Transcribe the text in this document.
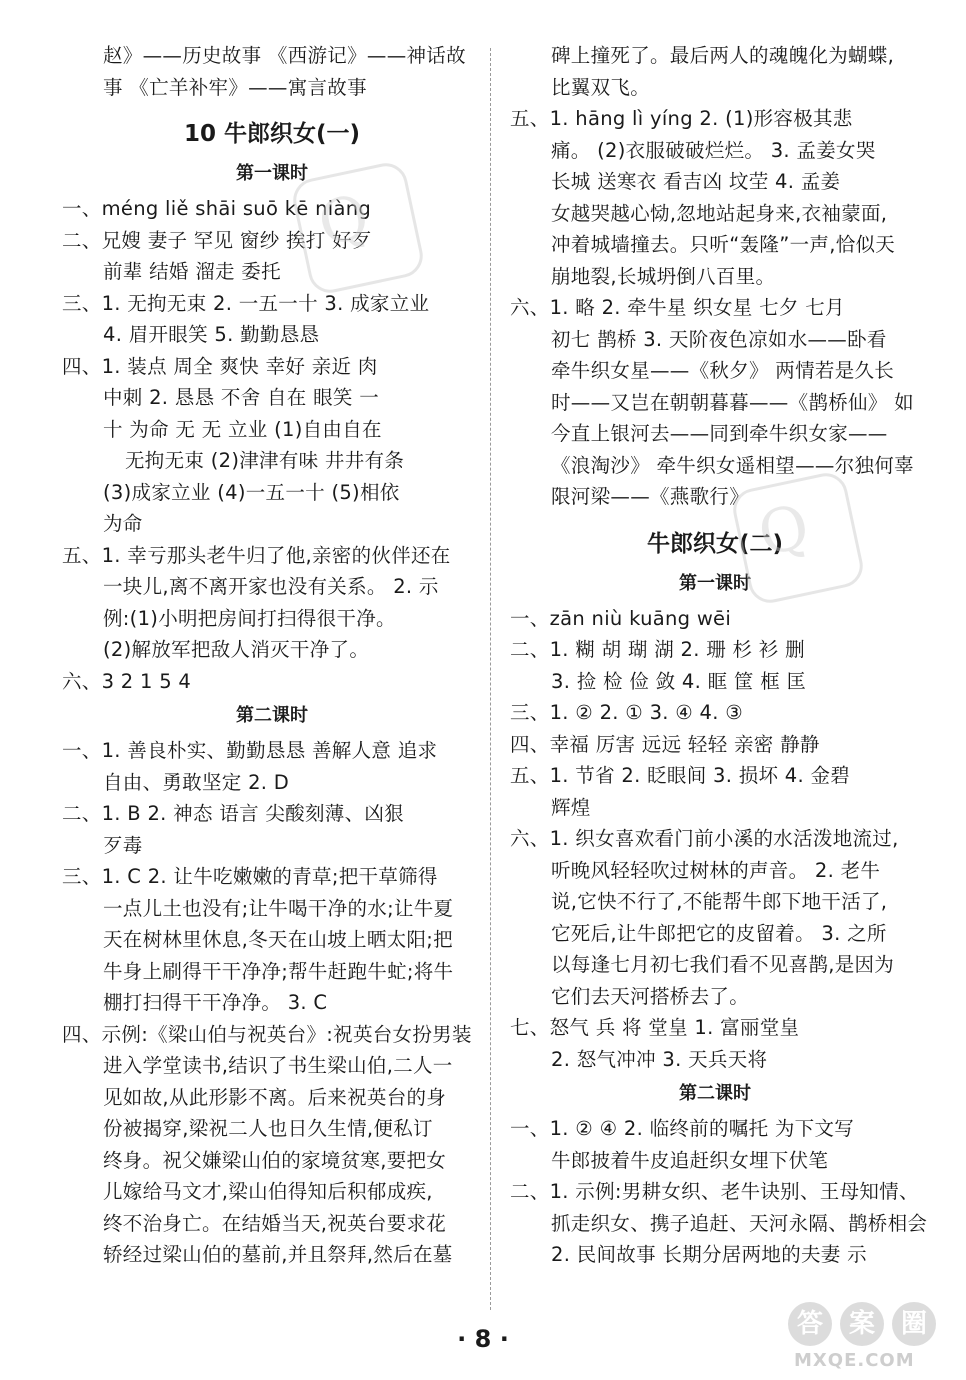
赵》——历史故事 《西游记》——神话故
事 《亡羊补牢》——寓言故事
10 牛郎织女(一)
第一课时
一、méng liě shāi suō kē niàng
二、兄嫂 妻子 罕见 窗纱 挨打 好歹
前辈 结婚 溜走 委托
三、1. 无拘无束 2. 一五一十 3. 成家立业
4. 眉开眼笑 5. 勤勤恳恳
四、1. 装点 周全 爽快 幸好 亲近 肉
中刺 2. 恳恳 不舍 自在 眼笑 一
十 为命 无 无 立业 (1)自由自在
无拘无束 (2)津津有味 井井有条
(3)成家立业 (4)一五一十 (5)相依
为命
五、1. 幸亏那头老牛归了他,亲密的伙伴还在
一块儿,离不离开家也没有关系。 2. 示
例:(1)小明把房间打扫得很干净。
(2)解放军把敌人消灭干净了。
六、3 2 1 5 4
第二课时
一、1. 善良朴实、勤勤恳恳 善解人意 追求
自由、勇敢坚定 2. D
二、1. B 2. 神态 语言 尖酸刻薄、凶狠
歹毒
三、1. C 2. 让牛吃嫩嫩的青草;把干草筛得
一点儿土也没有;让牛喝干净的水;让牛夏
天在树林里休息,冬天在山坡上晒太阳;把
牛身上刷得干干净净;帮牛赶跑牛虻;将牛
棚打扫得干干净净。 3. C
四、示例:《梁山伯与祝英台》:祝英台女扮男装
进入学堂读书,结识了书生梁山伯,二人一
见如故,从此形影不离。后来祝英台的身
份被揭穿,梁祝二人也日久生情,便私订
终身。祝父嫌梁山伯的家境贫寒,要把女
儿嫁给马文才,梁山伯得知后积郁成疾,
终不治身亡。在结婚当天,祝英台要求花
轿经过梁山伯的墓前,并且祭拜,然后在墓
碑上撞死了。最后两人的魂魄化为蝴蝶,
比翼双飞。
五、1. hāng lì yíng 2. (1)形容极其悲
痛。 (2)衣服破破烂烂。 3. 孟姜女哭
长城 送寒衣 看吉凶 坟茔 4. 孟姜
女越哭越心恸,忽地站起身来,衣袖蒙面,
冲着城墙撞去。只听“轰隆”一声,恰似天
崩地裂,长城坍倒八百里。
六、1. 略 2. 牵牛星 织女星 七夕 七月
初七 鹊桥 3. 天阶夜色凉如水——卧看
牵牛织女星——《秋夕》 两情若是久长
时——又岂在朝朝暮暮——《鹊桥仙》 如
今直上银河去——同到牵牛织女家——
《浪淘沙》 牵牛织女遥相望——尔独何辜
限河梁——《燕歌行》
牛郎织女(二)
第一课时
一、zān niù kuāng wēi
二、1. 糊 胡 瑚 湖 2. 珊 杉 衫 删
3. 捡 检 俭 敛 4. 眶 筐 框 匡
三、1. ② 2. ① 3. ④ 4. ③
四、幸福 厉害 远远 轻轻 亲密 静静
五、1. 节省 2. 眨眼间 3. 损坏 4. 金碧
辉煌
六、1. 织女喜欢看门前小溪的水活泼地流过,
听晚风轻轻吹过树林的声音。 2. 老牛
说,它快不行了,不能帮牛郎下地干活了,
它死后,让牛郎把它的皮留着。 3. 之所
以每逢七月初七我们看不见喜鹊,是因为
它们去天河搭桥去了。
七、怒气 兵 将 堂皇 1. 富丽堂皇
2. 怒气冲冲 3. 天兵天将
第二课时
一、1. ② ④ 2. 临终前的嘱托 为下文写
牛郎披着牛皮追赶织女埋下伏笔
二、1. 示例:男耕女织、老牛诀别、王母知情、
抓走织女、携子追赶、天河永隔、鹊桥相会
2. 民间故事 长期分居两地的夫妻 示
Q
Q
· 8 ·	答 案 圈
MXQE.COM
